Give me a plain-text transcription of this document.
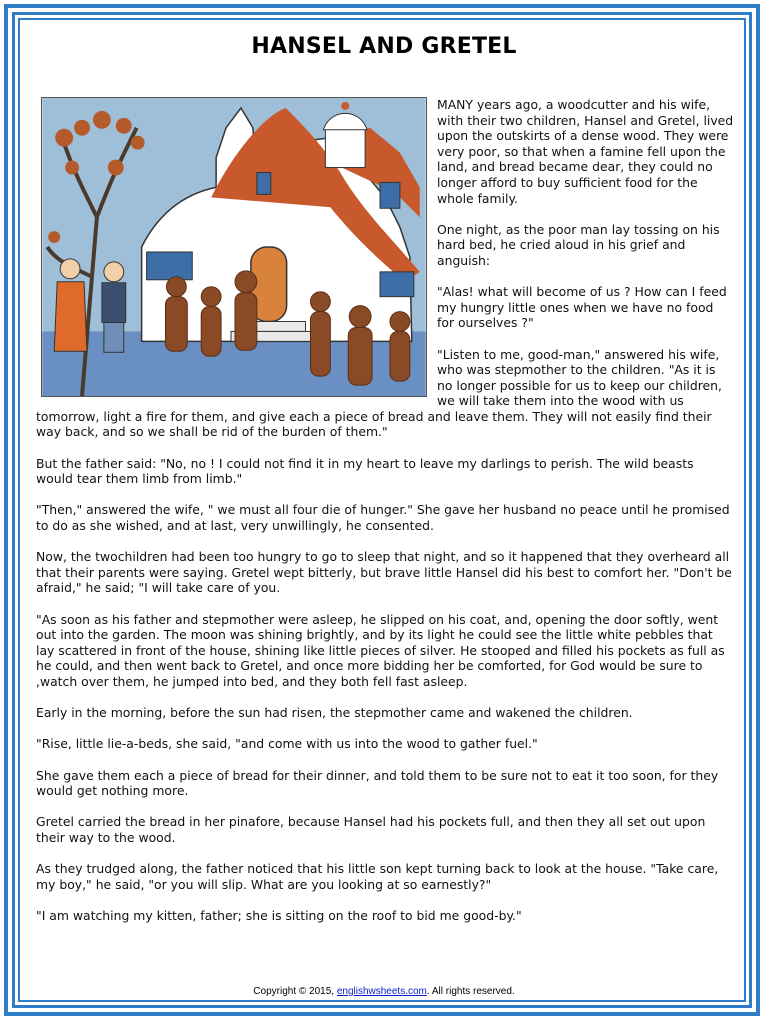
HANSEL AND GRETEL

MANY years ago, a woodcutter and his wife, with their two children, Hansel and Gretel, lived upon the outskirts of a dense wood. They were very poor, so that when a famine fell upon the land, and bread became dear, they could no longer afford to buy sufficient food for the whole family.

One night, as the poor man lay tossing on his hard bed, he cried aloud in his grief and anguish:

"Alas! what will become of us ? How can I feed my hungry little ones when we have no food for ourselves ?"

"Listen to me, good-man," answered his wife, who was stepmother to the children. "As it is no longer possible for us to keep our children, we will take them into the wood with us tomorrow, light a fire for them, and give each a piece of bread and leave them. They will not easily find their way back, and so we shall be rid of the burden of them."

But the father said: "No, no ! I could not find it in my heart to leave my darlings to perish. The wild beasts would tear them limb from limb."

"Then," answered the wife, " we must all four die of hunger." She gave her husband no peace until he promised to do as she wished, and at last, very unwillingly, he consented.

Now, the twochildren had been too hungry to go to sleep that night, and so it happened that they overheard all that their parents were saying. Gretel wept bitterly, but brave little Hansel did his best to comfort her. "Don't be afraid," he said; "I will take care of you.

"As soon as his father and stepmother were asleep, he slipped on his coat, and, opening the door softly, went out into the garden. The moon was shining brightly, and by its light he could see the little white pebbles that lay scattered in front of the house, shining like little pieces of silver. He stooped and filled his pockets as full as he could, and then went back to Gretel, and once more bidding her be comforted, for God would be sure to ,watch over them, he jumped into bed, and they both fell fast asleep.

Early in the morning, before the sun had risen, the stepmother came and wakened the children.

"Rise, little lie-a-beds, she said, "and come with us into the wood to gather fuel."

She gave them each a piece of bread for their dinner, and told them to be sure not to eat it too soon, for they would get nothing more.

Gretel carried the bread in her pinafore, because Hansel had his pockets full, and then they all set out upon their way to the wood.

As they trudged along, the father noticed that his little son kept turning back to look at the house. "Take care, my boy," he said, "or you will slip. What are you looking at so earnestly?"

"I am watching my kitten, father; she is sitting on the roof to bid me good-by."

Copyright © 2015, englishwsheets.com. All rights reserved.
